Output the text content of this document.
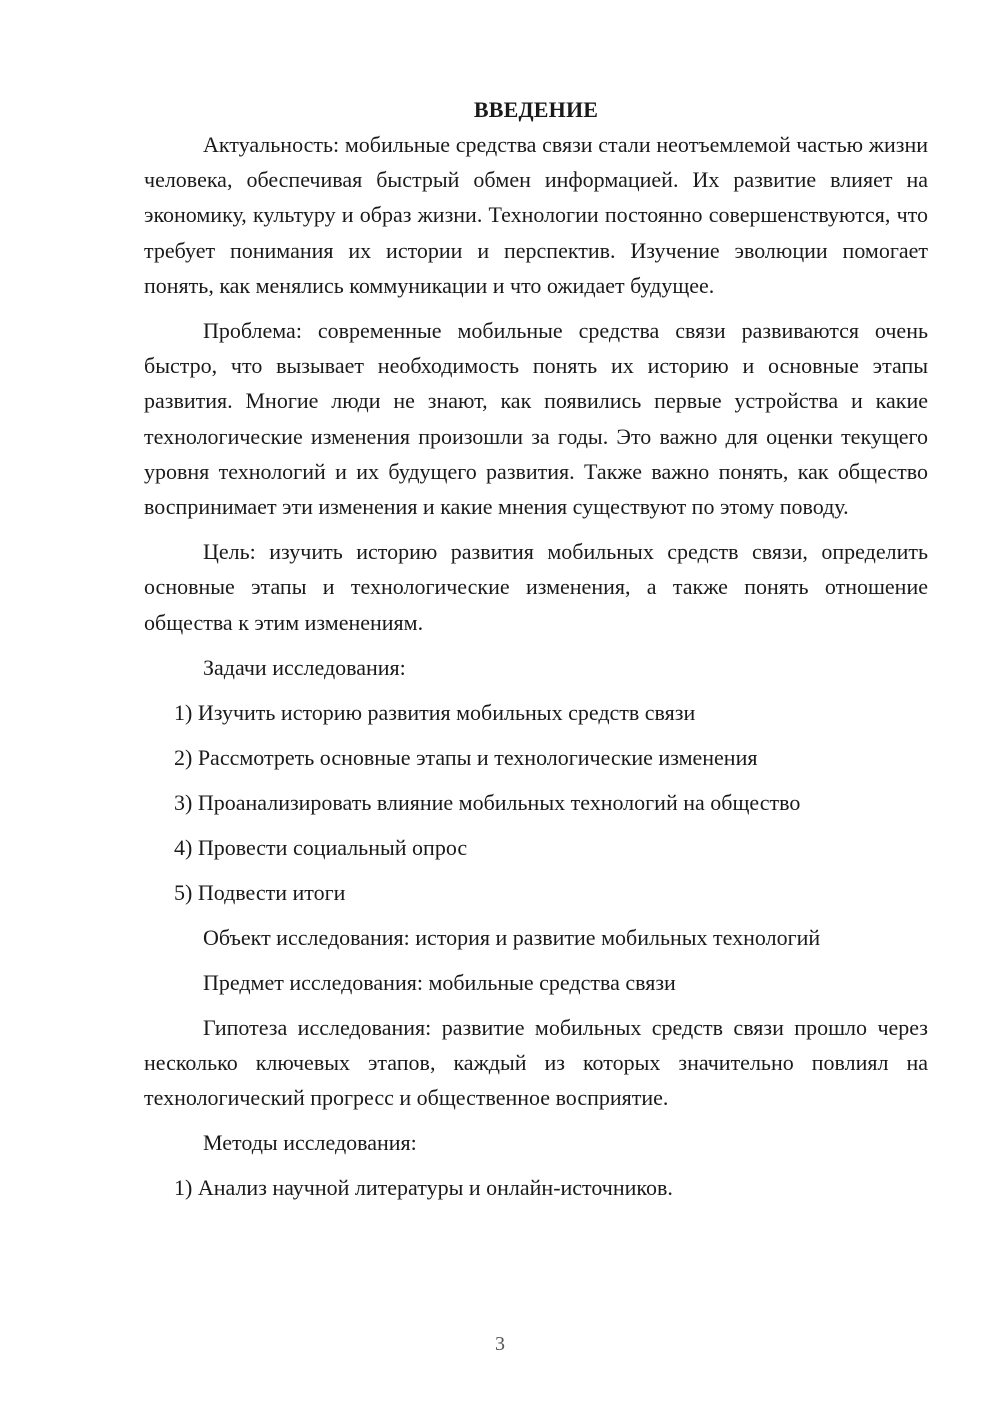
ВВЕДЕНИЕ

Актуальность: мобильные средства связи стали неотъемлемой частью жизни человека, обеспечивая быстрый обмен информацией. Их развитие влияет на экономику, культуру и образ жизни. Технологии постоянно совершенствуются, что требует понимания их истории и перспектив. Изучение эволюции помогает понять, как менялись коммуникации и что ожидает будущее.

Проблема: современные мобильные средства связи развиваются очень быстро, что вызывает необходимость понять их историю и основные этапы развития. Многие люди не знают, как появились первые устройства и какие технологические изменения произошли за годы. Это важно для оценки текущего уровня технологий и их будущего развития. Также важно понять, как общество воспринимает эти изменения и какие мнения существуют по этому поводу.

Цель: изучить историю развития мобильных средств связи, определить основные этапы и технологические изменения, а также понять отношение общества к этим изменениям.

Задачи исследования:
1) Изучить историю развития мобильных средств связи
2) Рассмотреть основные этапы и технологические изменения
3) Проанализировать влияние мобильных технологий на общество
4) Провести социальный опрос
5) Подвести итоги
Объект исследования: история и развитие мобильных технологий
Предмет исследования: мобильные средства связи

Гипотеза исследования: развитие мобильных средств связи прошло через несколько ключевых этапов, каждый из которых значительно повлиял на технологический прогресс и общественное восприятие.

Методы исследования:
1) Анализ научной литературы и онлайн-источников.
3
